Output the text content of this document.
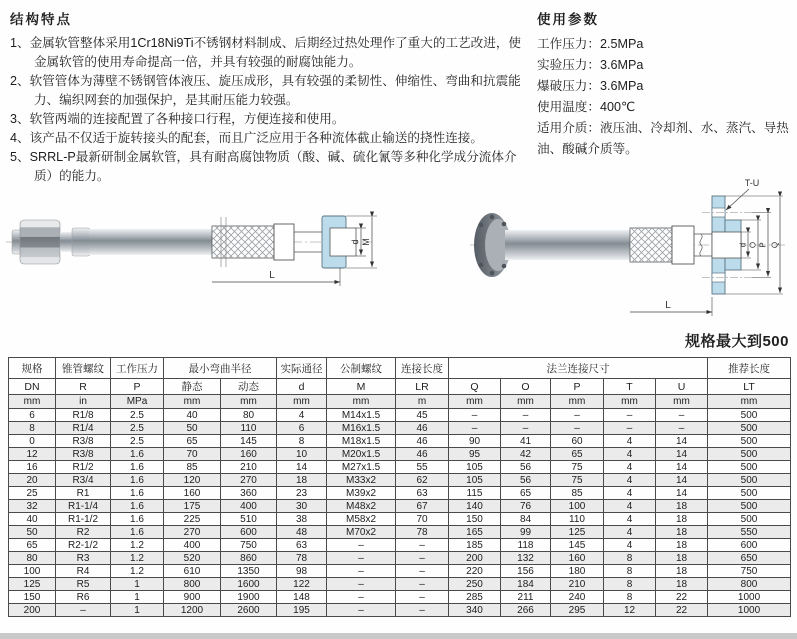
结构特点
1、金属软管整体采用1Cr18Ni9Ti不锈钢材料制成、后期经过热处理作了重大的工艺改进，使金属软管的使用寿命提高一倍，并具有较强的耐腐蚀能力。
2、软管管体为薄壁不锈钢管体液压、旋压成形，具有较强的柔韧性、伸缩性、弯曲和抗震能力、编织网套的加强保护，是其耐压能力较强。
3、软管两端的连接配置了各种接口行程，方便连接和使用。
4、该产品不仅适于旋转接头的配套，而且广泛应用于各种流体截止输送的挠性连接。
5、SRRL-P最新研制金属软管，具有耐高腐蚀物质（酸、碱、硫化氰等多种化学成分流体介质）的能力。
使用参数
工作压力：2.5MPa
实验压力：3.6MPa
爆破压力：3.6MPa
使用温度：400℃
适用介质：液压油、冷却剂、水、蒸汽、导热油、酸碱介质等。
d M
L
T-U
d O P Q
L
规格最大到500
规格	锥管螺纹	工作压力	最小弯曲半径		实际通径	公制螺纹	连接长度	法兰连接尺寸					推荐长度
DN	R	P	静态	动态	d	M	LR	Q	O	P	T	U	LT
mm	in	MPa	mm	mm	mm	mm	m	mm	mm	mm	mm	mm	mm
6	R1/8	2.5	40	80	4	M14x1.5	45	–	–	–	–	–	500
8	R1/4	2.5	50	110	6	M16x1.5	46	–	–	–	–	–	500
0	R3/8	2.5	65	145	8	M18x1.5	46	90	41	60	4	14	500
12	R3/8	1.6	70	160	10	M20x1.5	46	95	42	65	4	14	500
16	R1/2	1.6	85	210	14	M27x1.5	55	105	56	75	4	14	500
20	R3/4	1.6	120	270	18	M33x2	62	105	56	75	4	14	500
25	R1	1.6	160	360	23	M39x2	63	115	65	85	4	14	500
32	R1-1/4	1.6	175	400	30	M48x2	67	140	76	100	4	18	500
40	R1-1/2	1.6	225	510	38	M58x2	70	150	84	110	4	18	500
50	R2	1.6	270	600	48	M70x2	78	165	99	125	4	18	550
65	R2-1/2	1.2	400	750	63	–	–	185	118	145	4	18	600
80	R3	1.2	520	860	78	–	–	200	132	160	8	18	650
100	R4	1.2	610	1350	98	–	–	220	156	180	8	18	750
125	R5	1	800	1600	122	–	–	250	184	210	8	18	800
150	R6	1	900	1900	148	–	–	285	211	240	8	22	1000
200	–	1	1200	2600	195	–	–	340	266	295	12	22	1000
